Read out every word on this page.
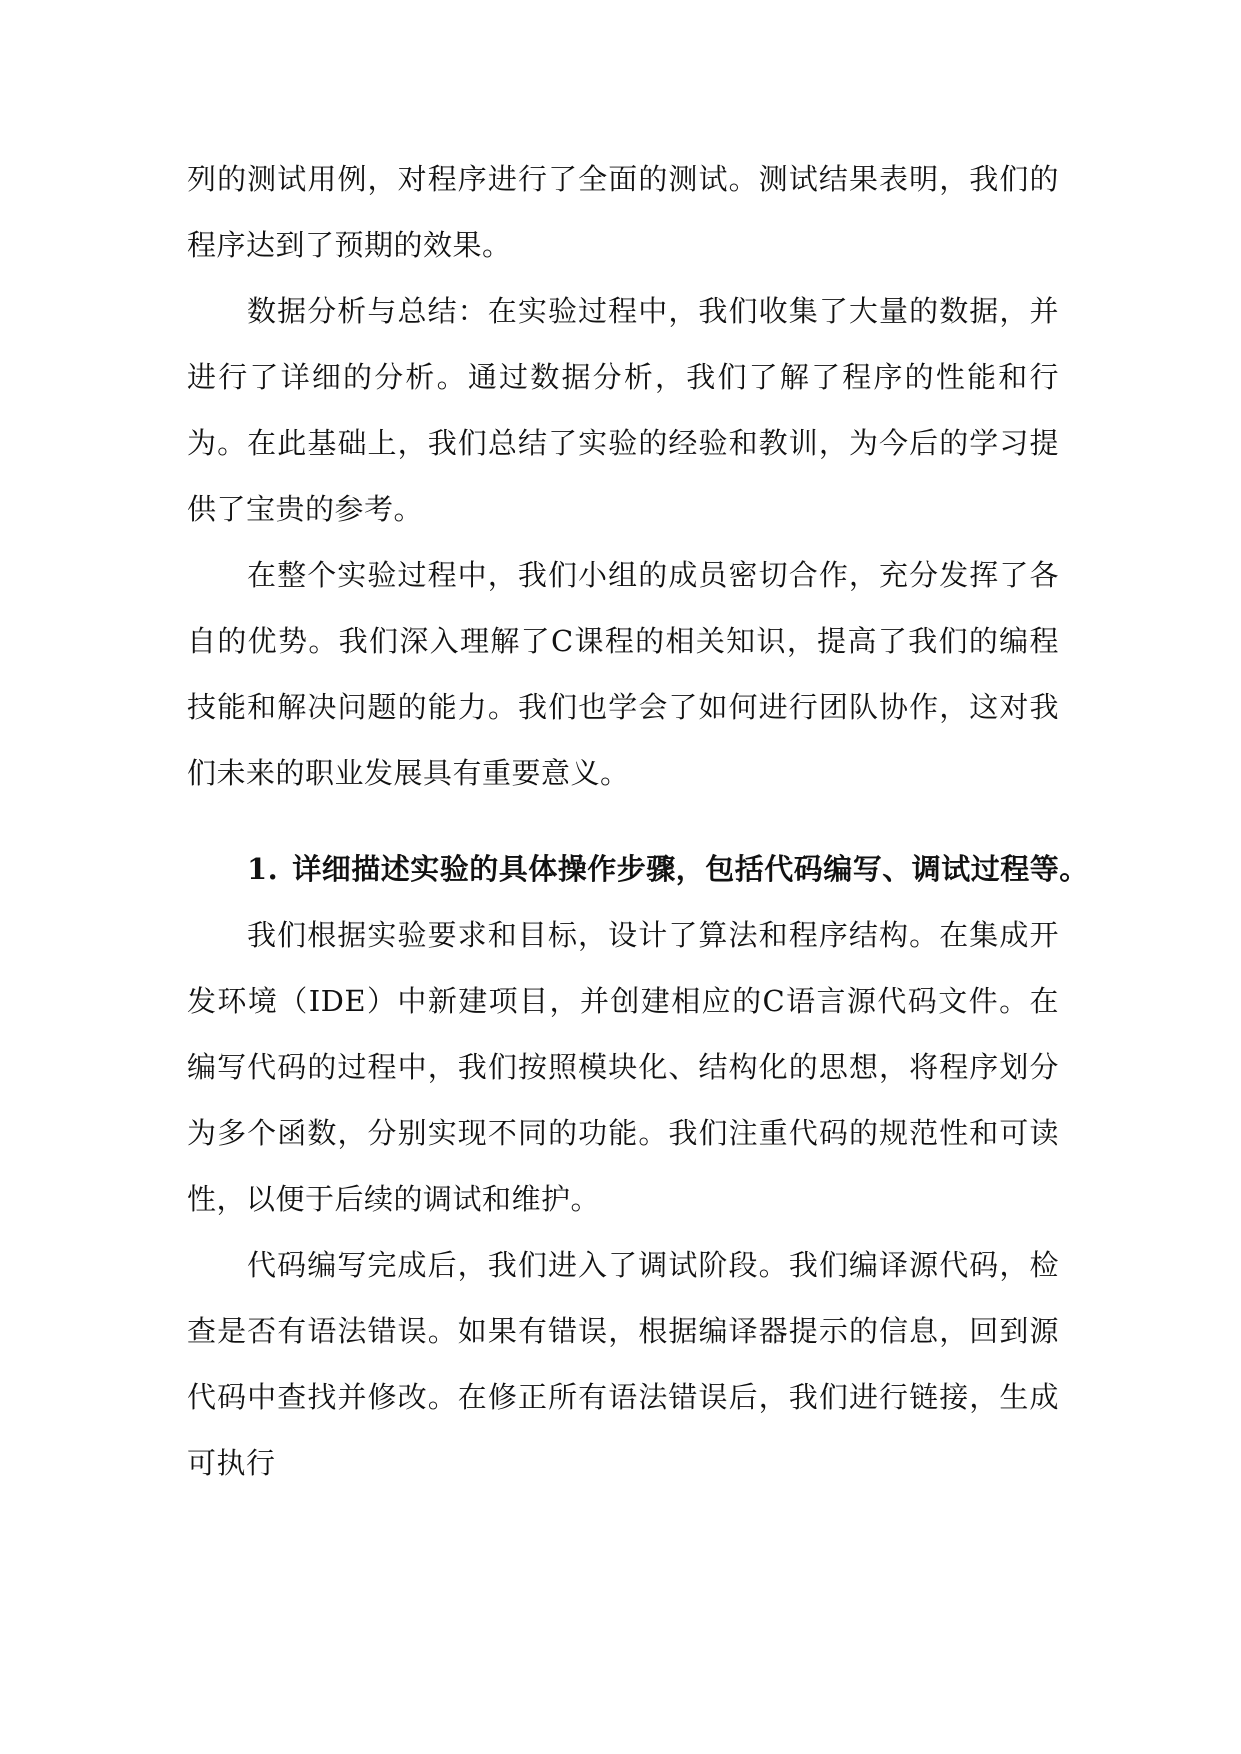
列的测试用例，对程序进行了全面的测试。测试结果表明，我们的程序达到了预期的效果。

数据分析与总结：在实验过程中，我们收集了大量的数据，并进行了详细的分析。通过数据分析，我们了解了程序的性能和行为。在此基础上，我们总结了实验的经验和教训，为今后的学习提供了宝贵的参考。

在整个实验过程中，我们小组的成员密切合作，充分发挥了各自的优势。我们深入理解了C课程的相关知识，提高了我们的编程技能和解决问题的能力。我们也学会了如何进行团队协作，这对我们未来的职业发展具有重要意义。

1. 详细描述实验的具体操作步骤，包括代码编写、调试过程等。

我们根据实验要求和目标，设计了算法和程序结构。在集成开发环境（IDE）中新建项目，并创建相应的C语言源代码文件。在编写代码的过程中，我们按照模块化、结构化的思想，将程序划分为多个函数，分别实现不同的功能。我们注重代码的规范性和可读性，以便于后续的调试和维护。

代码编写完成后，我们进入了调试阶段。我们编译源代码，检查是否有语法错误。如果有错误，根据编译器提示的信息，回到源代码中查找并修改。在修正所有语法错误后，我们进行链接，生成可执行
